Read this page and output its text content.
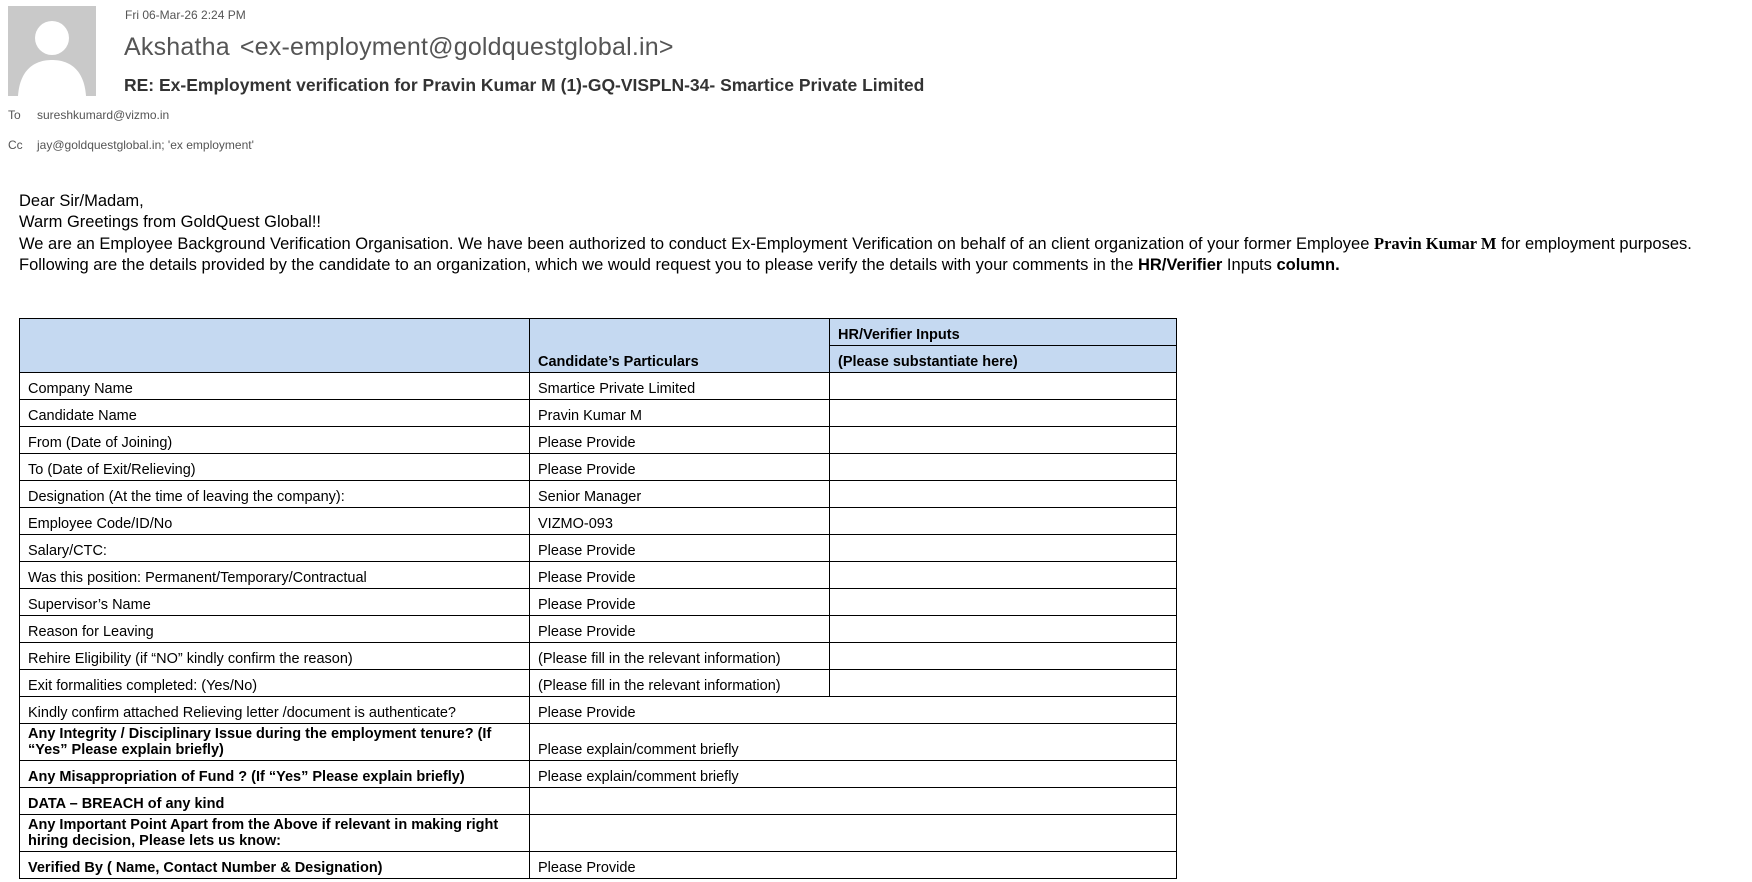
Fri 06-Mar-26 2:24 PM
Akshatha <ex-employment@goldquestglobal.in>
RE: Ex-Employment verification for Pravin Kumar M (1)-GQ-VISPLN-34- Smartice Private Limited
To sureshkumard@vizmo.in
Cc jay@goldquestglobal.in; 'ex employment'
Dear Sir/Madam,
Warm Greetings from GoldQuest Global!!
We are an Employee Background Verification Organisation. We have been authorized to conduct Ex-Employment Verification on behalf of an client organization of your former Employee Pravin Kumar M for employment purposes.
Following are the details provided by the candidate to an organization, which we would request you to please verify the details with your comments in the HR/Verifier Inputs column.
	Candidate’s Particulars	HR/Verifier Inputs
		(Please substantiate here)
Company Name	Smartice Private Limited	
Candidate Name	Pravin Kumar M	
From (Date of Joining)	Please Provide	
To (Date of Exit/Relieving)	Please Provide	
Designation (At the time of leaving the company):	Senior Manager	
Employee Code/ID/No	VIZMO-093	
Salary/CTC:	Please Provide	
Was this position: Permanent/Temporary/Contractual	Please Provide	
Supervisor’s Name	Please Provide	
Reason for Leaving	Please Provide	
Rehire Eligibility (if “NO” kindly confirm the reason)	(Please fill in the relevant information)	
Exit formalities completed: (Yes/No)	(Please fill in the relevant information)	
Kindly confirm attached Relieving letter /document is authenticate?	Please Provide	
Any Integrity / Disciplinary Issue during the employment tenure? (If “Yes” Please explain briefly)	Please explain/comment briefly	
Any Misappropriation of Fund ? (If “Yes” Please explain briefly)	Please explain/comment briefly	
DATA – BREACH of any kind		
Any Important Point Apart from the Above if relevant in making right hiring decision, Please lets us know:		
Verified By ( Name, Contact Number & Designation)	Please Provide	
